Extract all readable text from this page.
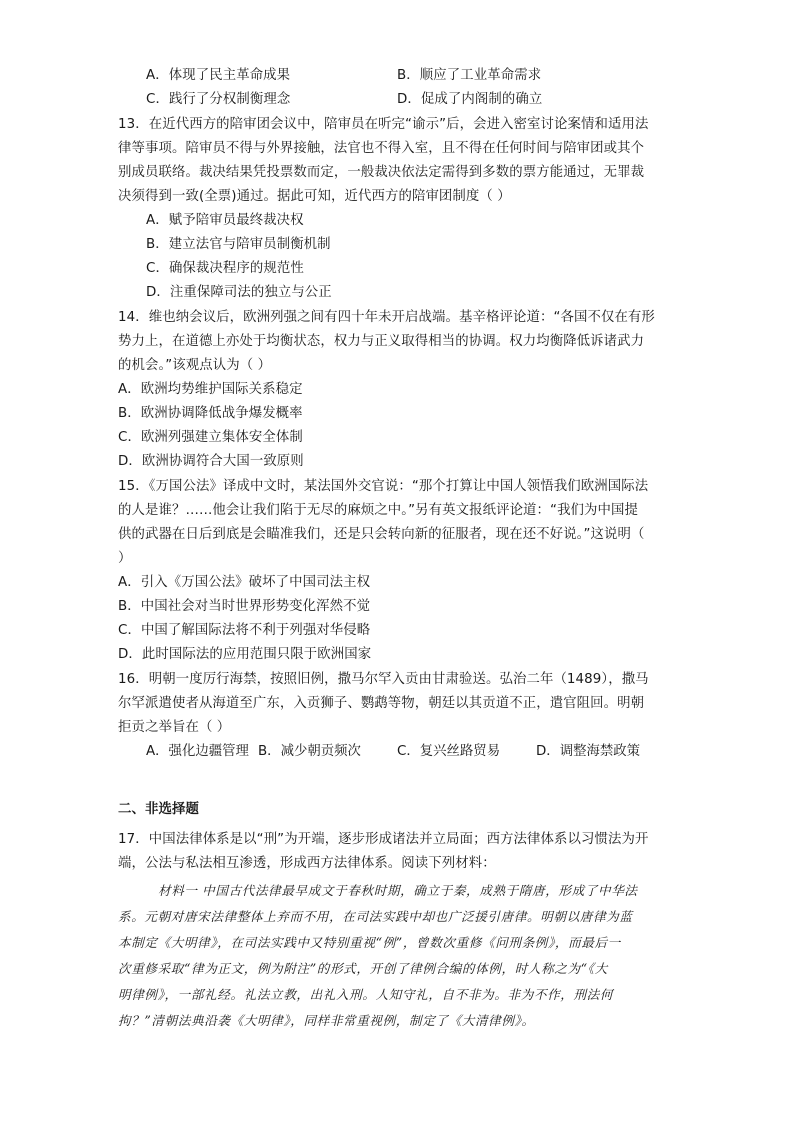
A．体现了民主革命成果	B．顺应了工业革命需求
C．践行了分权制衡理念	D．促成了内阁制的确立
13．在近代西方的陪审团会议中，陪审员在听完“谕示”后，会进入密室讨论案情和适用法
律等事项。陪审员不得与外界接触，法官也不得入室，且不得在任何时间与陪审团或其个
别成员联络。裁决结果凭投票数而定，一般裁决依法定需得到多数的票方能通过，无罪裁
决须得到一致(全票)通过。据此可知，近代西方的陪审团制度（ ）
A．赋予陪审员最终裁决权
B．建立法官与陪审员制衡机制
C．确保裁决程序的规范性
D．注重保障司法的独立与公正
14．维也纳会议后，欧洲列强之间有四十年未开启战端。基辛格评论道：“各国不仅在有形
势力上，在道德上亦处于均衡状态，权力与正义取得相当的协调。权力均衡降低诉诸武力
的机会。”该观点认为（ ）
A．欧洲均势维护国际关系稳定
B．欧洲协调降低战争爆发概率
C．欧洲列强建立集体安全体制
D．欧洲协调符合大国一致原则
15．《万国公法》译成中文时，某法国外交官说：“那个打算让中国人领悟我们欧洲国际法
的人是谁？……他会让我们陷于无尽的麻烦之中。”另有英文报纸评论道：“我们为中国提
供的武器在日后到底是会瞄准我们，还是只会转向新的征服者，现在还不好说。”这说明（
）
A．引入《万国公法》破坏了中国司法主权
B．中国社会对当时世界形势变化浑然不觉
C．中国了解国际法将不利于列强对华侵略
D．此时国际法的应用范围只限于欧洲国家
16．明朝一度厉行海禁，按照旧例，撒马尔罕入贡由甘肃验送。弘治二年（1489），撒马
尔罕派遣使者从海道至广东，入贡狮子、鹦鹉等物，朝廷以其贡道不正，遣官阻回。明朝
拒贡之举旨在（ ）
A．强化边疆管理 B．减少朝贡频次	C．复兴丝路贸易	D．调整海禁政策
二、非选择题
17．中国法律体系是以“刑”为开端，逐步形成诸法并立局面；西方法律体系以习惯法为开
端，公法与私法相互渗透，形成西方法律体系。阅读下列材料：
材料一 中国古代法律最早成文于春秋时期，确立于秦，成熟于隋唐，形成了中华法
系。元朝对唐宋法律整体上弃而不用，在司法实践中却也广泛援引唐律。明朝以唐律为蓝
本制定《大明律》，在司法实践中又特别重视“例”，曾数次重修《问刑条例》，而最后一
次重修采取“律为正文，例为附注”的形式，开创了律例合编的体例，时人称之为“《大
明律例》，一部礼经。礼法立教，出礼入刑。人知守礼，自不非为。非为不作，刑法何
拘？”清朝法典沿袭《大明律》，同样非常重视例，制定了《大清律例》。
